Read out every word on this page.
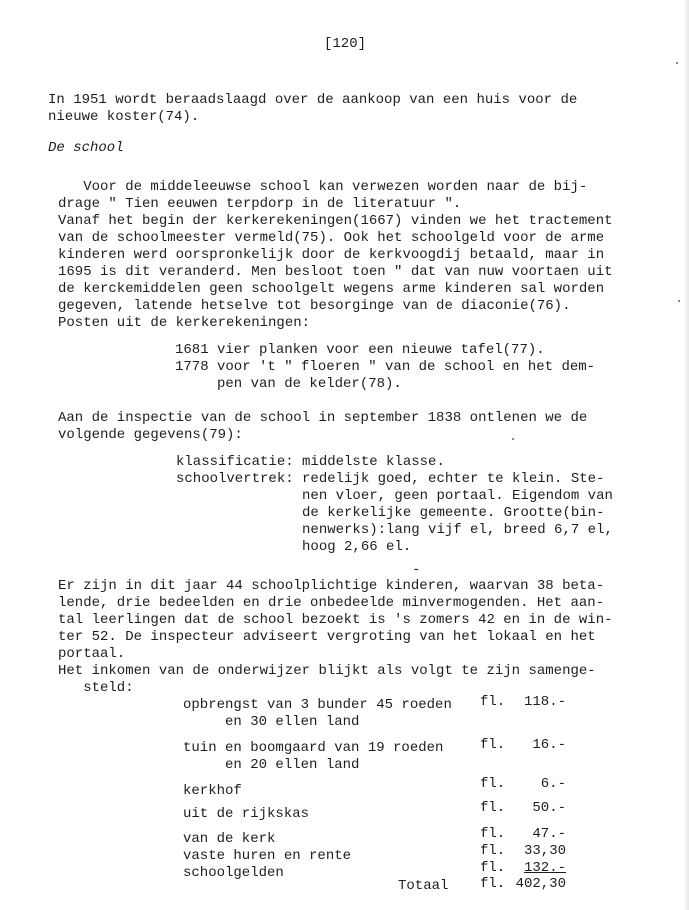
[120]
In 1951 wordt beraadslaagd over de aankoop van een huis voor de
nieuwe koster(74).
De school
Voor de middeleeuwse school kan verwezen worden naar de bij-
drage " Tien eeuwen terpdorp in de literatuur ".
Vanaf het begin der kerkerekeningen(1667) vinden we het tractement
van de schoolmeester vermeld(75). Ook het schoolgeld voor de arme
kinderen werd oorspronkelijk door de kerkvoogdij betaald, maar in
1695 is dit veranderd. Men besloot toen " dat van nuw voortaen uit
de kerckemiddelen geen schoolgelt wegens arme kinderen sal worden
gegeven, latende hetselve tot besorginge van de diaconie(76).
Posten uit de kerkerekeningen:
1681 vier planken voor een nieuwe tafel(77).
1778 voor 't " floeren " van de school en het dem-
pen van de kelder(78).
Aan de inspectie van de school in september 1838 ontlenen we de
volgende gegevens(79):
klassificatie: middelste klasse.
schoolvertrek: redelijk goed, echter te klein. Ste-
nen vloer, geen portaal. Eigendom van
de kerkelijke gemeente. Grootte(bin-
nenwerks):lang vijf el, breed 6,7 el,
hoog 2,66 el.
-
Er zijn in dit jaar 44 schoolplichtige kinderen, waarvan 38 beta-
lende, drie bedeelden en drie onbedeelde minvermogenden. Het aan-
tal leerlingen dat de school bezoekt is 's zomers 42 en in de win-
ter 52. De inspecteur adviseert vergroting van het lokaal en het
portaal.
Het inkomen van de onderwijzer blijkt als volgt te zijn samenge-
steld:
opbrengst van 3 bunder 45 roeden
en 30 ellen land
fl.	118.-
tuin en boomgaard van 19 roeden
en 20 ellen land
fl.	16.-
kerkhof	fl.	6.-
uit de rijkskas	fl.	50.-
van de kerk	fl.	47.-
vaste huren en rente	fl.	33,30
schoolgelden	fl.	132.-
Totaal fl. 402,30
